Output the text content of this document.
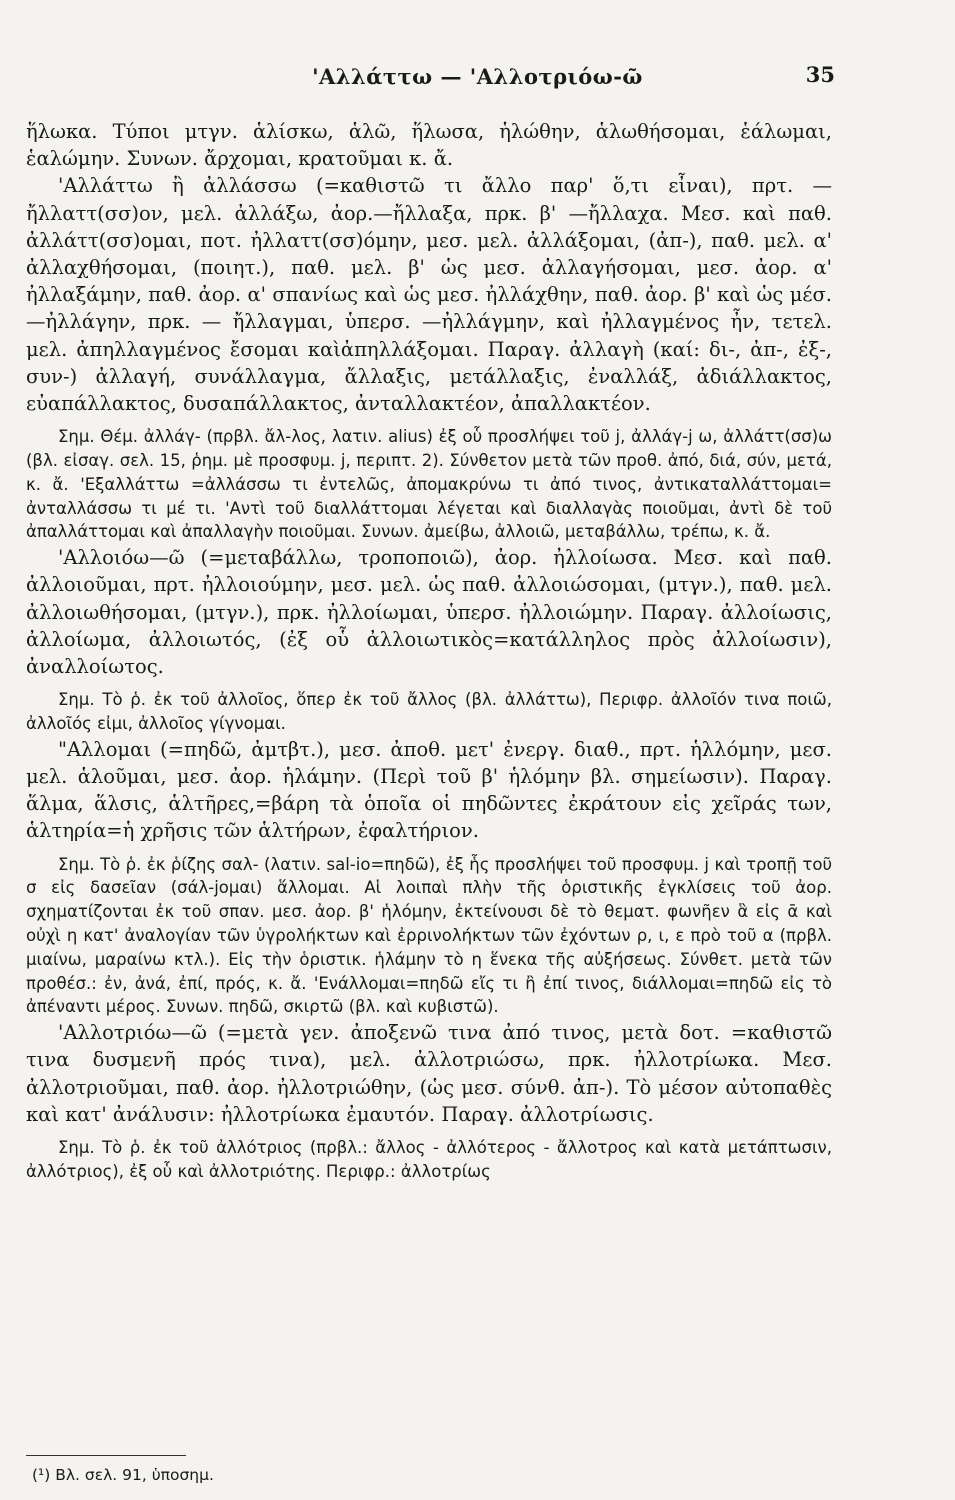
'Αλλάττω — 'Αλλοτριόω-ῶ	35

ἥλωκα. Τύποι μτγν. ἁλίσκω, ἁλῶ, ἥλωσα, ἡλώθην, ἁλωθήσομαι, ἑάλωμαι, ἑαλώμην. Συνων. ἄρχομαι, κρατοῦμαι κ. ἄ.

'Αλλάττω ἢ ἀλλάσσω (=καθιστῶ τι ἄλλο παρ' ὅ,τι εἶναι), πρτ. —ἤλλαττ(σσ)ον, μελ. ἀλλάξω, ἀορ.—ἤλλαξα, πρκ. β' —ἤλλαχα. Μεσ. καὶ παθ. ἀλλάττ(σσ)ομαι, ποτ. ἠλλαττ(σσ)όμην, μεσ. μελ. ἀλλάξομαι, (ἀπ-), παθ. μελ. α' ἀλλαχθήσομαι, (ποιητ.), παθ. μελ. β' ὡς μεσ. ἀλλαγήσομαι, μεσ. ἀορ. α' ἠλλαξάμην, παθ. ἀορ. α' σπανίως καὶ ὡς μεσ. ἠλλάχθην, παθ. ἀορ. β' καὶ ὡς μέσ.—ἠλλάγην, πρκ. — ἤλλαγμαι, ὑπερσ. —ἠλλάγμην, καὶ ἠλλαγμένος ἦν, τετελ. μελ. ἀπηλλαγμένος ἔσομαι καὶἀπηλλάξομαι. Παραγ. ἀλλαγὴ (καί: δι-, ἀπ-, ἐξ-, συν-) ἀλλαγή, συνάλλαγμα, ἄλλαξις, μετάλλαξις, ἐναλλάξ, ἀδιάλλακτος, εὐαπάλλακτος, δυσαπάλλακτος, ἀνταλλακτέον, ἀπαλλακτέον.

Σημ. Θέμ. ἀλλάγ- (πρβλ. ἄλ-λος, λατιν. alius) ἐξ οὗ προσλήψει τοῦ j, ἀλλάγ-j ω, ἀλλάττ(σσ)ω (βλ. εἰσαγ. σελ. 15, ῥημ. μὲ προσφυμ. j, περιπτ. 2). Σύνθετον μετὰ τῶν προθ. ἀπό, διά, σύν, μετά, κ. ἄ. 'Εξαλλάττω =ἀλλάσσω τι ἐντελῶς, ἀπομακρύνω τι ἀπό τινος, ἀντικαταλλάττομαι= ἀνταλλάσσω τι μέ τι. 'Αντὶ τοῦ διαλλάττομαι λέγεται καὶ διαλλαγὰς ποιοῦμαι, ἀντὶ δὲ τοῦ ἀπαλλάττομαι καὶ ἀπαλλαγὴν ποιοῦμαι. Συνων. ἀμείβω, ἀλλοιῶ, μεταβάλλω, τρέπω, κ. ἄ.

'Αλλοιόω—ῶ (=μεταβάλλω, τροποποιῶ), ἀορ. ἠλλοίωσα. Μεσ. καὶ παθ. ἀλλοιοῦμαι, πρτ. ἠλλοιούμην, μεσ. μελ. ὡς παθ. ἀλλοιώσομαι, (μτγν.), παθ. μελ. ἀλλοιωθήσομαι, (μτγν.), πρκ. ἠλλοίωμαι, ὑπερσ. ἠλλοιώμην. Παραγ. ἀλλοίωσις, ἀλλοίωμα, ἀλλοιωτός, (ἐξ οὗ ἀλλοιωτικὸς=κατάλληλος πρὸς ἀλλοίωσιν), ἀναλλοίωτος.

Σημ. Τὸ ῥ. ἐκ τοῦ ἀλλοῖος, ὅπερ ἐκ τοῦ ἄλλος (βλ. ἀλλάττω), Περιφρ. ἀλλοῖόν τινα ποιῶ, ἀλλοῖός εἰμι, ἀλλοῖος γίγνομαι.

"Αλλομαι (=πηδῶ, ἀμτβτ.), μεσ. ἀποθ. μετ' ἐνεργ. διαθ., πρτ. ἡλλόμην, μεσ. μελ. ἁλοῦμαι, μεσ. ἀορ. ἡλάμην. (Περὶ τοῦ β' ἡλόμην βλ. σημείωσιν). Παραγ. ἅλμα, ἅλσις, ἁλτῆρες,=βάρη τὰ ὁποῖα οἱ πηδῶντες ἐκράτουν εἰς χεῖράς των, ἁλτηρία=ἡ χρῆσις τῶν ἁλτήρων, ἐφαλτήριον.

Σημ. Τὸ ῥ. ἐκ ῥίζης σαλ- (λατιν. sal-io=πηδῶ), ἐξ ἧς προσλήψει τοῦ προσφυμ. j καὶ τροπῇ τοῦ σ εἰς δασεῖαν (σάλ-jομαι) ἅλλομαι. Αἱ λοιπαὶ πλὴν τῆς ὁριστικῆς ἐγκλίσεις τοῦ ἀορ. σχηματίζονται ἐκ τοῦ σπαν. μεσ. ἀορ. β' ἡλόμην, ἐκτείνουσι δὲ τὸ θεματ. φωνῆεν ἃ εἰς ᾱ καὶ οὐχὶ η κατ' ἀναλογίαν τῶν ὑγρολήκτων καὶ ἐρρινολήκτων τῶν ἐχόντων ρ, ι, ε πρὸ τοῦ α (πρβλ. μιαίνω, μαραίνω κτλ.). Εἰς τὴν ὁριστικ. ἡλάμην τὸ η ἕνεκα τῆς αὐξήσεως. Σύνθετ. μετὰ τῶν προθέσ.: ἐν, ἀνά, ἐπί, πρός, κ. ἄ. 'Ενάλλομαι=πηδῶ εἴς τι ἢ ἐπί τινος, διάλλομαι=πηδῶ εἰς τὸ ἀπέναντι μέρος. Συνων. πηδῶ, σκιρτῶ (βλ. καὶ κυβιστῶ).

'Αλλοτριόω—ῶ (=μετὰ γεν. ἀποξενῶ τινα ἀπό τινος, μετὰ δοτ. =καθιστῶ τινα δυσμενῆ πρός τινα), μελ. ἀλλοτριώσω, πρκ. ἠλλοτρίωκα. Μεσ. ἀλλοτριοῦμαι, παθ. ἀορ. ἠλλοτριώθην, (ὡς μεσ. σύνθ. ἀπ-). Τὸ μέσον αὐτοπαθὲς καὶ κατ' ἀνάλυσιν: ἠλλοτρίωκα ἐμαυτόν. Παραγ. ἀλλοτρίωσις.

Σημ. Τὸ ῥ. ἐκ τοῦ ἀλλότριος (πρβλ.: ἄλλος - ἀλλότερος - ἄλλοτρος καὶ κατὰ μετάπτωσιν, ἀλλότριος), ἐξ οὗ καὶ ἀλλοτριότης. Περιφρ.: ἀλλοτρίως

(¹) Βλ. σελ. 91, ὑποσημ.
